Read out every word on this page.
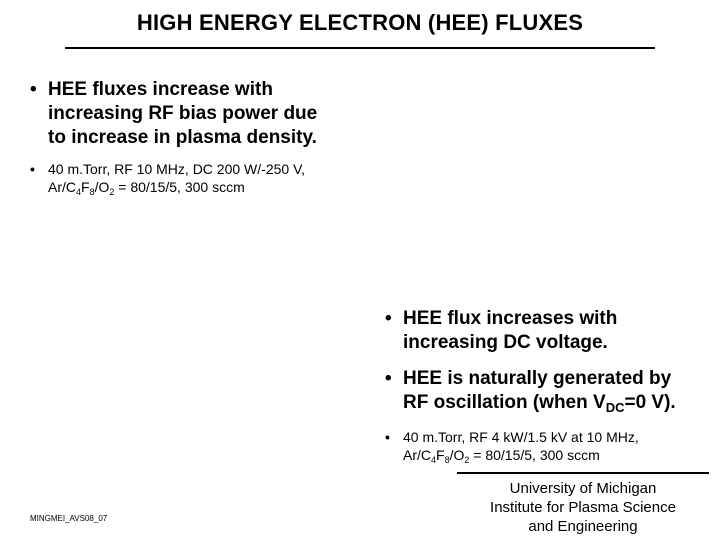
HIGH ENERGY ELECTRON (HEE) FLUXES
• HEE fluxes increase with
increasing RF bias power due
to increase in plasma density.
• 40 m.Torr, RF 10 MHz, DC 200 W/-250 V,
$Ar/C_4F_8/O_2 = 80/15/5$, 300 sccm
• HEE flux increases with
increasing DC voltage.
• HEE is naturally generated by
RF oscillation (when $V_{DC}=0$ V).
• 40 m.Torr, RF 4 kW/1.5 kV at 10 MHz,
$Ar/C_4F_8/O_2 = 80/15/5$, 300 sccm
MINGMEI_AVS08_07
University of Michigan
Institute for Plasma Science
and Engineering
